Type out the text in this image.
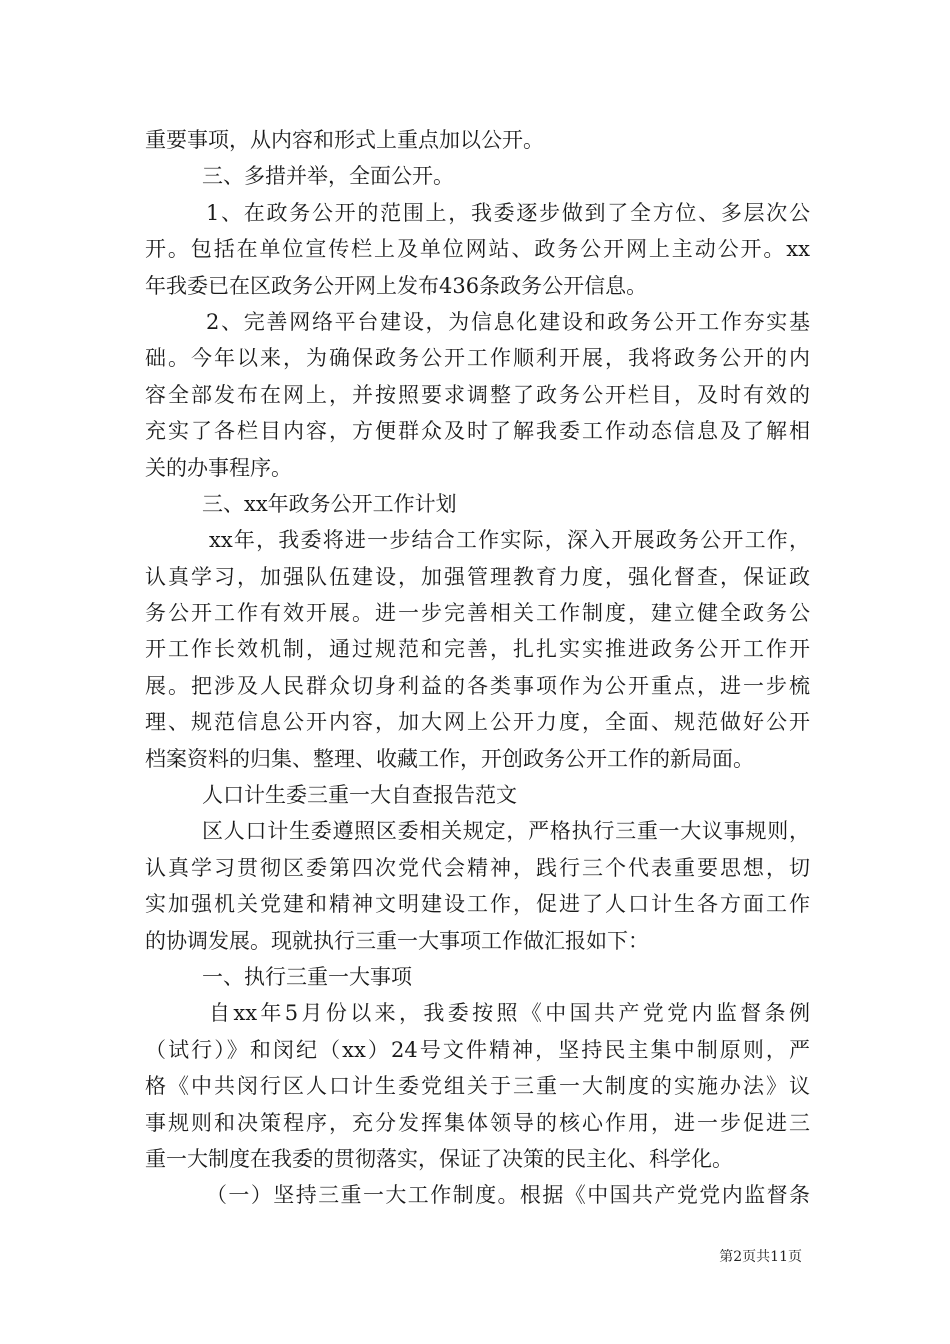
重要事项，从内容和形式上重点加以公开。
三、多措并举，全面公开。
1、在政务公开的范围上，我委逐步做到了全方位、多层次公
开。包括在单位宣传栏上及单位网站、政务公开网上主动公开。xx
年我委已在区政务公开网上发布436条政务公开信息。
2、完善网络平台建设，为信息化建设和政务公开工作夯实基
础。今年以来，为确保政务公开工作顺利开展，我将政务公开的内
容全部发布在网上，并按照要求调整了政务公开栏目，及时有效的
充实了各栏目内容，方便群众及时了解我委工作动态信息及了解相
关的办事程序。
三、xx年政务公开工作计划
xx年，我委将进一步结合工作实际，深入开展政务公开工作，
认真学习，加强队伍建设，加强管理教育力度，强化督查，保证政
务公开工作有效开展。进一步完善相关工作制度，建立健全政务公
开工作长效机制，通过规范和完善，扎扎实实推进政务公开工作开
展。把涉及人民群众切身利益的各类事项作为公开重点，进一步梳
理、规范信息公开内容，加大网上公开力度，全面、规范做好公开
档案资料的归集、整理、收藏工作，开创政务公开工作的新局面。
人口计生委三重一大自查报告范文
区人口计生委遵照区委相关规定，严格执行三重一大议事规则，
认真学习贯彻区委第四次党代会精神，践行三个代表重要思想，切
实加强机关党建和精神文明建设工作，促进了人口计生各方面工作
的协调发展。现就执行三重一大事项工作做汇报如下：
一、执行三重一大事项
自xx年5月份以来，我委按照《中国共产党党内监督条例
（试行）》和闵纪（xx）24号文件精神，坚持民主集中制原则，严
格《中共闵行区人口计生委党组关于三重一大制度的实施办法》议
事规则和决策程序，充分发挥集体领导的核心作用，进一步促进三
重一大制度在我委的贯彻落实，保证了决策的民主化、科学化。
（一）坚持三重一大工作制度。根据《中国共产党党内监督条
第2页共11页
